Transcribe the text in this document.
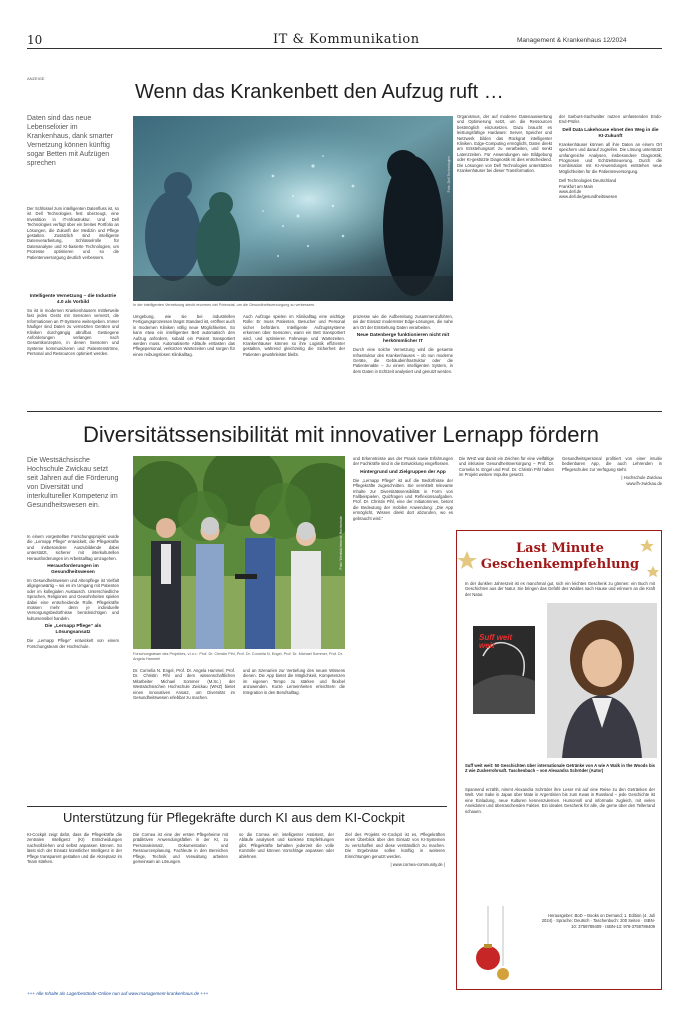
10	IT & Kommunikation	Management & Krankenhaus 12/2024
ANZEIGE
Wenn das Krankenbett den Aufzug ruft …
Daten sind das neue Lebenselixier im Krankenhaus, dank smarter Vernetzung können künftig sogar Betten mit Aufzügen sprechen

Der Schlüssel zum intelligenten Datenfluss ist, so ist Dell Technologies fest überzeugt, eine Investition in IT-Infrastruktur. Und Dell Technologies verfügt über ein breites Portfolio an Lösungen, die Zukunft der Medizin und Pflege gestalten. Zusätzlich sind intelligente Datenverarbeitung, Schlüsselrolle für Datenanalyse und KI-basierte Technologien, um Prozesse optimieren und so die Patientenversorgung deutlich verbessern.

Intelligente Vernetzung – die Industrie 4.0 als Vorbild

So ist in modernen Krankenhäusern mittlerweile fast jedes Gerät mit Sensoren vernetzt, die Informationen an IT-Systeme weitergeben. Immer häufiger sind Daten zu vernetzten Geräten und Kliniken durchgängig abrufbar. Gestiegene Anforderungen verlangen nach Gesamtkonzepten, in denen Sensoren und Systeme kommunizieren und Patientenströme, Personal und Ressourcen optimiert werden.

Foto: Dell Technologies
In der intelligenten Vernetzung steckt enormes viel Potenzial, um die Gesundheitsversorgung zu verbessern.

Umgebung, wie sie bei industriellen Fertigungsprozessen längst Standard ist, eröffnet auch in modernen Kliniken völlig neue Möglichkeiten. So kann etwa ein intelligentes Bett automatisch den Aufzug anfordern, sobald ein Patient transportiert werden muss. Automatisierte Abläufe entlasten das Pflegepersonal, verkürzen Wartezeiten und sorgen für einen reibungslosen Klinikalltag.

Auch Aufzüge spielen im Klinikalltag eine wichtige Rolle: Er muss Patienten, Besucher und Personal sicher befördern. Intelligente Aufzugssysteme erkennen über Sensoren, wann ein Bett transportiert wird, und optimieren Fahrwege und Wartezeiten. Krankenhäuser können so ihre Logistik effizienter gestalten, während gleichzeitig die Sicherheit der Patienten gewährleistet bleibt.

prozesse wie die Aufbereitung zusammenzuführen, sei der Einsatz modernster Edge-Lösungen, die nahe am Ort der Entstehung Daten verarbeiten.

Neue Datenberge funktionieren nicht mit herkömmlicher IT

Durch eine solche Vernetzung wird die gesamte Infrastruktur des Krankenhauses – ob nun moderne Geräte, die Gebäudeinfrastruktur oder die Patientenakte – zu einem intelligenten System, in dem Daten in Echtzeit analysiert und genutzt werden.

Organismus, der auf moderne Datenauswertung und Optimierung setzt, um die Ressourcen bestmöglich einzusetzen. Dazu braucht es leistungsfähige Hardware: Server, Speicher und Netzwerk bilden das Rückgrat intelligenter Kliniken. Edge-Computing ermöglicht, Daten direkt am Entstehungsort zu verarbeiten, und senkt Latenzzeiten. Für Anwendungen wie Bildgebung oder KI-gestützte Diagnostik ist dies entscheidend. Die Lösungen von Dell Technologies unterstützen Krankenhäuser bei dieser Transformation.

der Sarburs-Sachwalter nutzen umfassenden Endo-End-Prüfer.

Dell Data Lakehouse ebnet den Weg in die KI-Zukunft

Krankenhäuser können all ihre Daten an einem Ort speichern und darauf zugreifen. Die Lösung unterstützt umfangreiche Analysen, insbesondere Diagnostik, Prognosen und Echtzeitsteuerung. Durch die Kombination mit KI-Anwendungen entstehen neue Möglichkeiten für die Patientenversorgung.

Dell Technologies Deutschland
Frankfurt am Main
www.dell.de
www.dell.de/gesundheitswesen

Diversitätssensibilität mit innovativer Lernapp fördern
Die Westsächsische Hochschule Zwickau setzt seit Jahren auf die Förderung von Diversität und interkultureller Kompetenz im Gesundheitswesen ein.

In einem vorgestellten Forschungsprojekt wurde die „Lernapp Pflege“ entwickelt, die Pflegekräfte und insbesondere Auszubildende dabei unterstützt, sicherer mit interkulturellen Herausforderungen im Arbeitsalltag umzugehen.

Herausforderungen im Gesundheitswesen

Im Gesundheitswesen und Altenpflege ist Vielfalt allgegenwärtig – sei es im Umgang mit Patienten oder im kollegialen Austausch. Unterschiedliche Sprachen, Religionen und Gewohnheiten spielen dabei eine entscheidende Rolle. Pflegekräfte müssen mehr denn je individuelle Versorgungsbedürfnisse berücksichtigen und kultursensibel handeln.

Die „Lernapp Pflege“ als Lösungsansatz

Die „Lernapp Pflege“ entwickelt von einem Forschungsteam der Hochschule.

Foto: Westsächsische Hochschule
Forschungsteam des Projektes, v.l.n.r.: Prof. Dr. Christin Pihl, Prof. Dr. Cornelia N. Engel, Prof. Dr. Michael Sommer, Prof. Dr. Angela Hammel

Dr. Cornelia N. Engel, Prof. Dr. Angela Hammel, Prof. Dr. Christin Pihl und dem wissenschaftlichen Mitarbeiter Michael Sommer (M.Sc.) der Westsächsischen Hochschule Zwickau (WHZ) bietet einen innovativen Ansatz, um Diversität im Gesundheitswesen erlebbar zu machen.

und an Szenarien zur Vertiefung des neuen Wissens dienen. Die App bietet die Möglichkeit, Kompetenzen im eigenen Tempo zu stärken und flexibel anzuwenden. Kurze Lerneinheiten erleichtern die Integration in den Berufsalltag.

und Erkenntnisse aus der Praxis sowie Erfahrungen der Fachkräfte sind in die Entwicklung eingeflossen.

Hintergrund und Zielgruppen der App

Die „Lernapp Pflege“ ist auf die Bedürfnisse der Pflegekräfte zugeschnitten. Sie vermittelt relevante Inhalte zur Diversitätssensibilität in Form von Fallbeispielen, Quizfragen und Reflexionsaufgaben. Prof. Dr. Christin Pihl, eine der Initiatorinnen, betont die Bedeutung der mobilen Anwendung: „Die App ermöglicht, Wissen direkt dort abzurufen, wo es gebraucht wird.“

Die WHZ war damit ein Zeichen für eine vielfältige und inklusive Gesundheitsversorgung – Prof. Dr. Cornelia N. Engel und Prof. Dr. Christin Pihl haben im Projekt weitere Impulse gesetzt.

Gesundheitspersonal profitiert von einer intuitiv bedienbaren App, die auch Lehrenden in Pflegeschulen zur Verfügung steht.

| Hochschule Zwickau
www.fh-zwickau.de

Last Minute
Geschenkempfehlung
In der dunklen Jahreszeit ist es manchmal gut, sich ein leichtes Geschenk zu gönnen: ein Buch mit Geschichten aus der Natur. Sie bringen das Gefühl des Waldes nach Hause und erinnern an die Kraft der Natur.
Suff weit weit
Suff weit weit: 50 Geschichten über internationale Getränke von A wie A Walk in the Woods bis Z wie Zuckerrohrsaft. Taschenbuch – von Alexandra Schröder (Autor)
Spannend erzählt, nimmt Alexandra Schröder ihre Leser mit auf eine Reise zu den Getränken der Welt. Von Sake in Japan über Mate in Argentinien bis zum Kwas in Russland – jede Geschichte ist eine Einladung, neue Kulturen kennenzulernen. Humorvoll und informativ zugleich, mit vielen Anekdoten und überraschenden Fakten. Ein ideales Geschenk für alle, die gerne über den Tellerrand schauen.
Herausgeber: BoD – Books on Demand; 1. Edition (4. Juli 2024) · Sprache: Deutsch · Taschenbuch: 200 Seiten · ISBN-10: 3759789409 · ISBN-13: 978-3759789409
Unterstützung für Pflegekräfte durch KI aus dem KI-Cockpit

KI-Cockpit zeigt dafür, dass die Pflegekräfte die zentralen Intelligenz (KI) Entscheidungen nachvollziehen und selbst anpassen können. So lässt sich der Einsatz künstlicher Intelligenz in der Pflege transparent gestalten und die Akzeptanz im Team stärken.

Die Cornea ist eine der ersten Pflegeheime mit prädiktiven Anwendungsfällen in der KI, zu Personaleinsatz, Dokumentation und Ressourcenplanung. Fachleute in den Bereichen Pflege, Technik und Verwaltung arbeiten gemeinsam an Lösungen.

so die Cornea ein intelligenter Assistent, der Abläufe analysiert und konkrete Empfehlungen gibt. Pflegekräfte behalten jederzeit die volle Kontrolle und können Vorschläge anpassen oder ablehnen.

Ziel des Projekts KI-Cockpit ist es, Pflegekräften einen Überblick über den Einsatz von KI-Systemen zu verschaffen und diese verständlich zu machen. Die Ergebnisse sollen künftig in weiteren Einrichtungen genutzt werden.

| www.cornea-community.de |

+++ Alle Inhalte als Lagerbestände-Online nun auf www.management-krankenhaus.de +++
